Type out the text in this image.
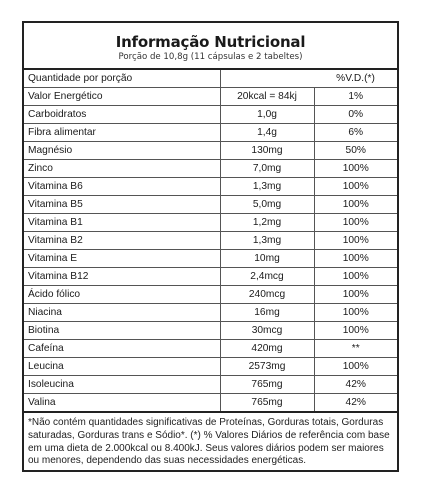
Informação Nutricional
Porção de 10,8g (11 cápsulas e 2 tabeltes)
Quantidade por porção		%V.D.(*)
Valor Energético	20kcal = 84kj	1%
Carboidratos	1,0g	0%
Fibra alimentar	1,4g	6%
Magnésio	130mg	50%
Zinco	7,0mg	100%
Vitamina B6	1,3mg	100%
Vitamina B5	5,0mg	100%
Vitamina B1	1,2mg	100%
Vitamina B2	1,3mg	100%
Vitamina E	10mg	100%
Vitamina B12	2,4mcg	100%
Ácido fólico	240mcg	100%
Niacina	16mg	100%
Biotina	30mcg	100%
Cafeína	420mg	**
Leucina	2573mg	100%
Isoleucina	765mg	42%
Valina	765mg	42%
*Não contém quantidades significativas de Proteínas, Gorduras totais, Gorduras saturadas, Gorduras trans e Sódio*. (*) % Valores Diários de referência com base em uma dieta de 2.000kcal ou 8.400kJ. Seus valores diários podem ser maiores ou menores, dependendo das suas necessidades energéticas.
